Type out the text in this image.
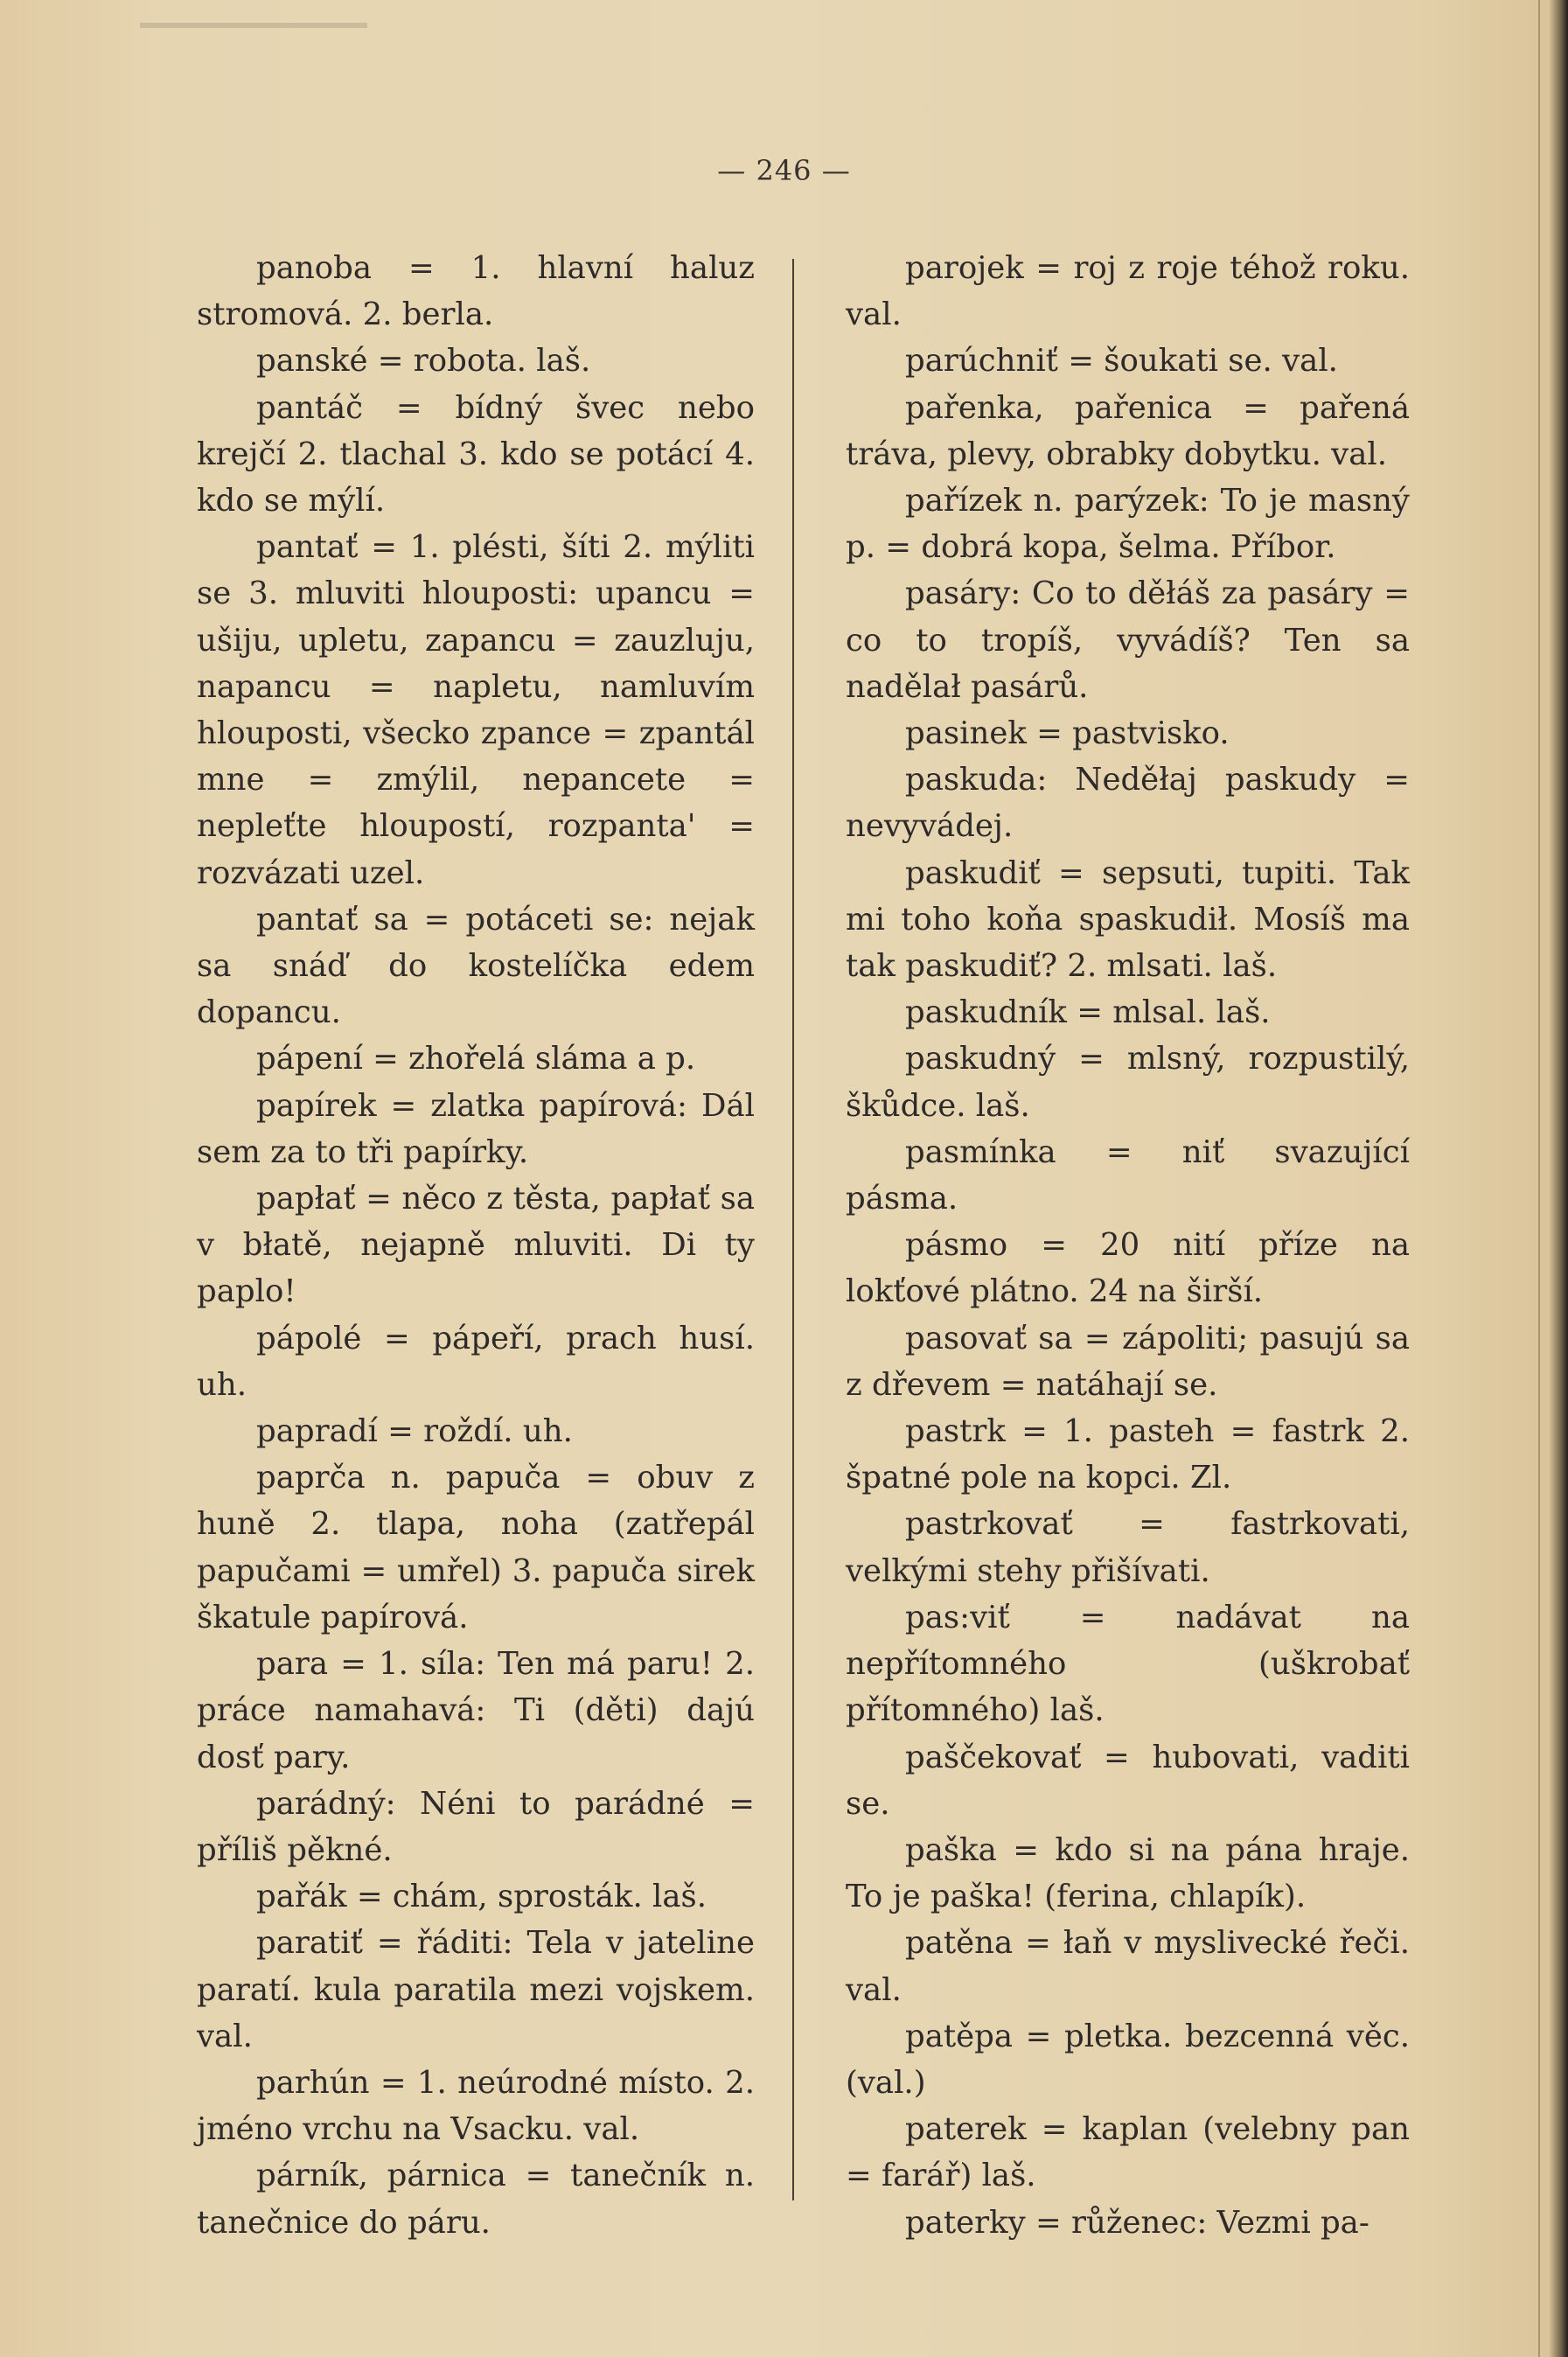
— 246 —

panoba = 1. hlavní haluz stromová. 2. berla.

panské = robota. laš.

pantáč = bídný švec nebo krejčí 2. tlachal 3. kdo se potácí 4. kdo se mýlí.

pantať = 1. plésti, šíti 2. mýliti se 3. mluviti hlouposti: upancu = ušiju, upletu, zapancu = zauzluju, napancu = napletu, namluvím hlouposti, všecko zpance = zpantál mne = zmýlil, nepancete = nepleťte hloupostí, rozpanta' = rozvázati uzel.

pantať sa = potáceti se: nejak sa snáď do kostelíčka edem dopancu.

pápení = zhořelá sláma a p.

papírek = zlatka papírová: Dál sem za to tři papírky.

papłať = něco z těsta, papłať sa v błatě, nejapně mluviti. Di ty paplo!

pápolé = pápeří, prach husí. uh.

papradí = roždí. uh.

paprča n. papuča = obuv z huně 2. tlapa, noha (zatřepál papučami = umřel) 3. papuča sirek škatule papírová.

para = 1. síla: Ten má paru! 2. práce namahavá: Ti (děti) dajú dosť pary.

parádný: Néni to parádné = příliš pěkné.

pařák = chám, sprosták. laš.

paratiť = řáditi: Tela v jateline paratí. kula paratila mezi vojskem. val.

parhún = 1. neúrodné místo. 2. jméno vrchu na Vsacku. val.

párník, párnica = tanečník n. tanečnice do páru.

parojek = roj z roje téhož roku. val.

parúchniť = šoukati se. val.

pařenka, pařenica = pařená tráva, plevy, obrabky dobytku. val.

pařízek n. parýzek: To je masný p. = dobrá kopa, šelma. Příbor.

pasáry: Co to děłáš za pasáry = co to tropíš, vyvádíš? Ten sa nadělał pasárů.

pasinek = pastvisko.

paskuda: Neděłaj paskudy = nevyvádej.

paskudiť = sepsuti, tupiti. Tak mi toho koňa spaskudił. Mosíš ma tak paskudiť? 2. mlsati. laš.

paskudník = mlsal. laš.

paskudný = mlsný, rozpustilý, škůdce. laš.

pasmínka = niť svazující pásma.

pásmo = 20 nití příze na lokťové plátno. 24 na širší.

pasovať sa = zápoliti; pasujú sa z dřevem = natáhají se.

pastrk = 1. pasteh = fastrk 2. špatné pole na kopci. Zl.

pastrkovať = fastrkovati, velkými stehy přišívati.

pas:viť = nadávat na nepřítomného (uškrobať přítomného) laš.

paščekovať = hubovati, vaditi se.

paška = kdo si na pána hraje. To je paška! (ferina, chlapík).

patěna = łaň v myslivecké řeči. val.

patěpa = pletka. bezcenná věc. (val.)

paterek = kaplan (velebny pan = farář) laš.

paterky = růženec: Vezmi pa-
